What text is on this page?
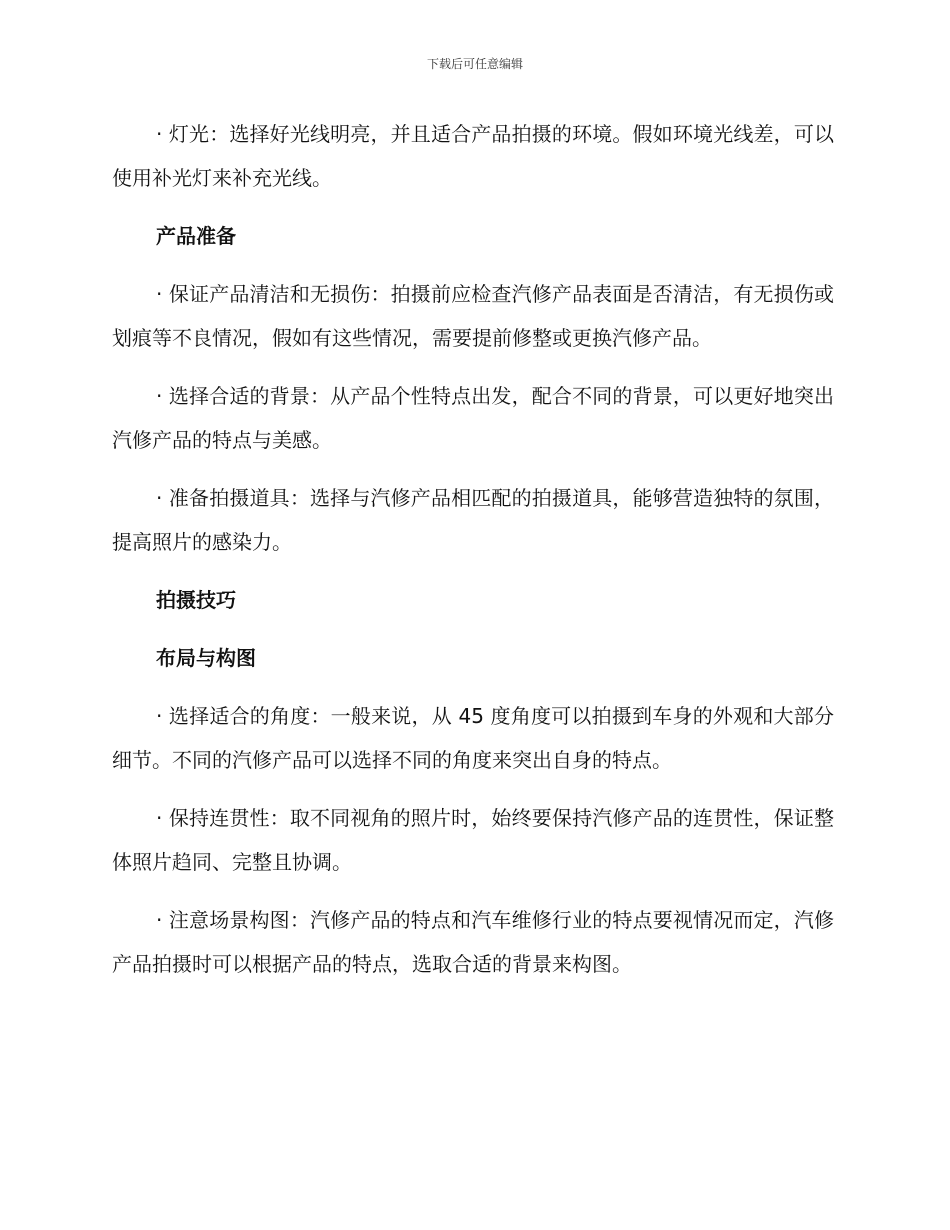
下载后可任意编辑

· 灯光：选择好光线明亮，并且适合产品拍摄的环境。假如环境光线差，可以使用补光灯来补充光线。

产品准备

· 保证产品清洁和无损伤：拍摄前应检查汽修产品表面是否清洁，有无损伤或划痕等不良情况，假如有这些情况，需要提前修整或更换汽修产品。

· 选择合适的背景：从产品个性特点出发，配合不同的背景，可以更好地突出汽修产品的特点与美感。

· 准备拍摄道具：选择与汽修产品相匹配的拍摄道具，能够营造独特的氛围，提高照片的感染力。

拍摄技巧
布局与构图

· 选择适合的角度：一般来说，从 45 度角度可以拍摄到车身的外观和大部分细节。不同的汽修产品可以选择不同的角度来突出自身的特点。

· 保持连贯性：取不同视角的照片时，始终要保持汽修产品的连贯性，保证整体照片趋同、完整且协调。

· 注意场景构图：汽修产品的特点和汽车维修行业的特点要视情况而定，汽修产品拍摄时可以根据产品的特点，选取合适的背景来构图。
